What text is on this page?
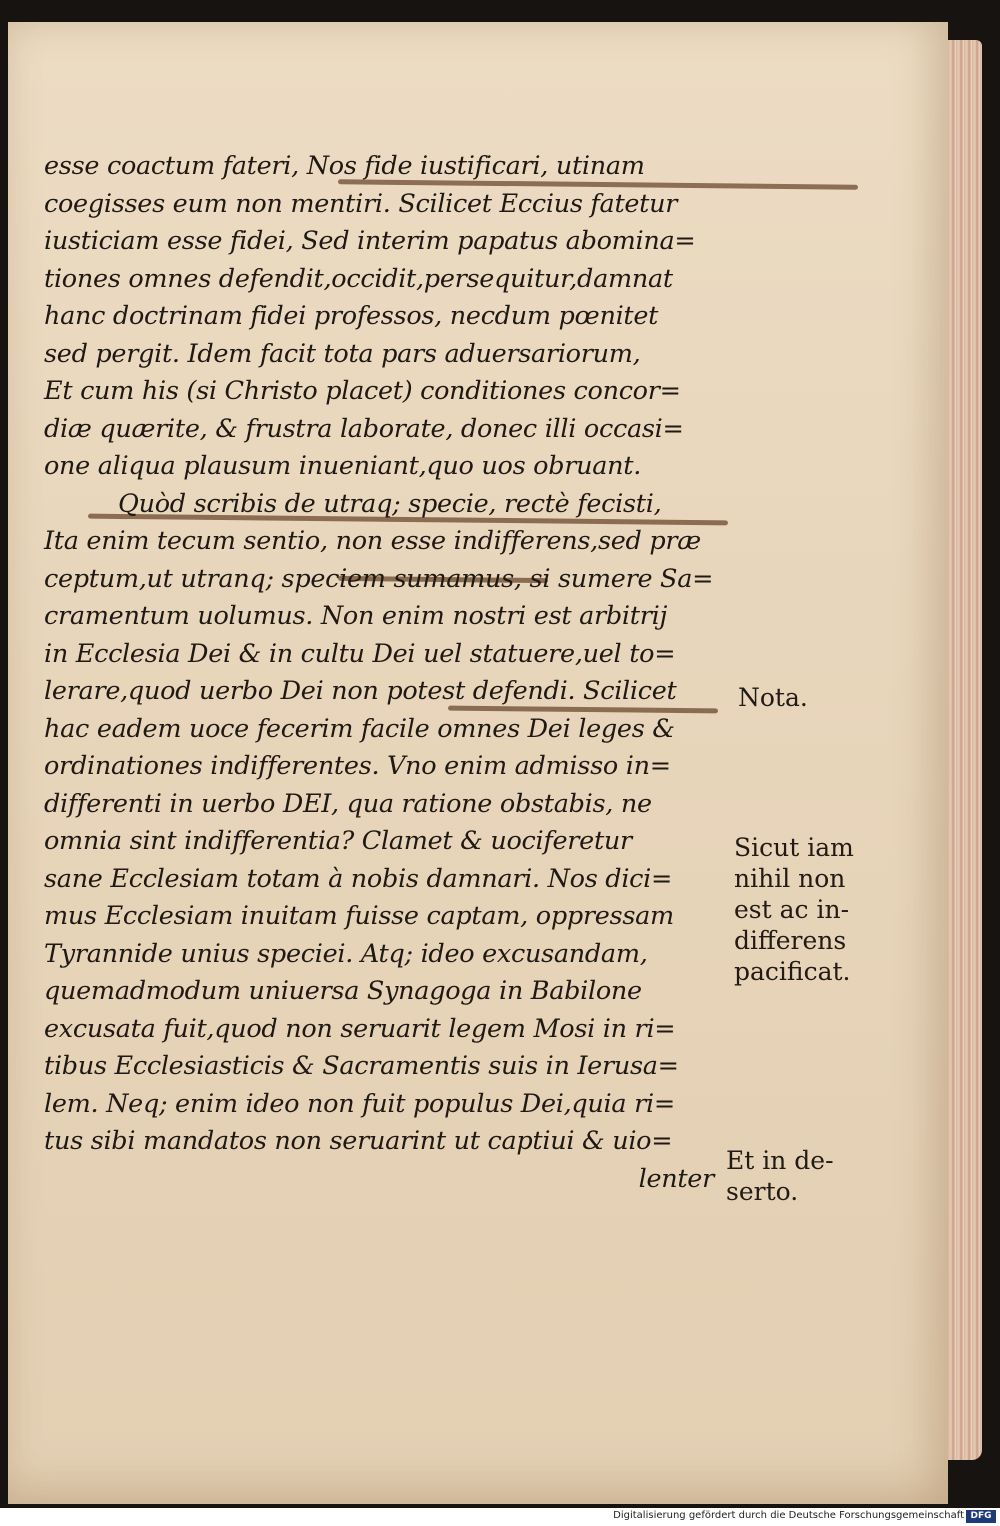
esse coactum fateri, Nos fide iustificari, utinam
coegisses eum non mentiri. Scilicet Eccius fatetur
iusticiam esse fidei, Sed interim papatus abomina=
tiones omnes defendit,occidit,persequitur,damnat
hanc doctrinam fidei professos, necdum pœnitet
sed pergit. Idem facit tota pars aduersariorum,
Et cum his (si Christo placet) conditiones concor=
diæ quærite, & frustra laborate, donec illi occasi=
one aliqua plausum inueniant,quo uos obruant.
Quòd scribis de utraq; specie, rectè fecisti,
Ita enim tecum sentio, non esse indifferens,sed præ
ceptum,ut utranq; speciem sumamus, si sumere Sa=
cramentum uolumus. Non enim nostri est arbitrij
in Ecclesia Dei & in cultu Dei uel statuere,uel to=
lerare,quod uerbo Dei non potest defendi. Scilicet
hac eadem uoce fecerim facile omnes Dei leges &
ordinationes indifferentes. Vno enim admisso in=
differenti in uerbo DEI, qua ratione obstabis, ne
omnia sint indifferentia? Clamet & uociferetur
sane Ecclesiam totam à nobis damnari. Nos dici=
mus Ecclesiam inuitam fuisse captam, oppressam
Tyrannide unius speciei. Atq; ideo excusandam,
quemadmodum uniuersa Synagoga in Babilone
excusata fuit,quod non seruarit legem Mosi in ri=
tibus Ecclesiasticis & Sacramentis suis in Ierusa=
lem. Neq; enim ideo non fuit populus Dei,quia ri=
tus sibi mandatos non seruarint ut captiui & uio=
lenter
Nota.
Sicut iam
nihil non
est ac in-
differens
pacificat.
Et in de-
serto.
Digitalisierung gefördert durch die Deutsche Forschungsgemeinschaft DFG
